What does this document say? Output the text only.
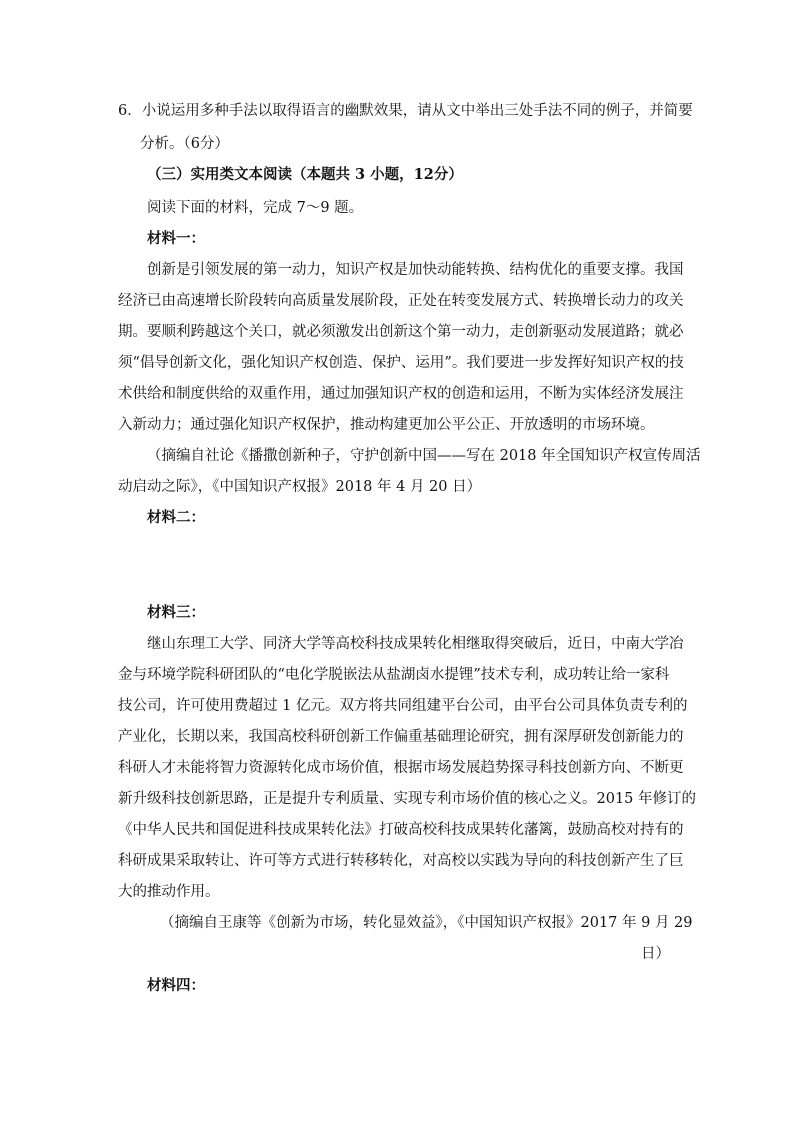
6．小说运用多种手法以取得语言的幽默效果，请从文中举出三处手法不同的例子，并简要
分析。（6分）
（三）实用类文本阅读（本题共 3 小题，12分）
阅读下面的材料，完成 7～9 题。
材料一：
创新是引领发展的第一动力，知识产权是加快动能转换、结构优化的重要支撑。我国
经济已由高速增长阶段转向高质量发展阶段，正处在转变发展方式、转换增长动力的攻关
期。要顺利跨越这个关口，就必须激发出创新这个第一动力，走创新驱动发展道路；就必
须“倡导创新文化，强化知识产权创造、保护、运用”。我们要进一步发挥好知识产权的技
术供给和制度供给的双重作用，通过加强知识产权的创造和运用，不断为实体经济发展注
入新动力；通过强化知识产权保护，推动构建更加公平公正、开放透明的市场环境。
（摘编自社论《播撒创新种子，守护创新中国——写在 2018 年全国知识产权宣传周活
动启动之际》，《中国知识产权报》2018 年 4 月 20 日）
材料二：
材料三：
继山东理工大学、同济大学等高校科技成果转化相继取得突破后，近日，中南大学冶
金与环境学院科研团队的“电化学脱嵌法从盐湖卤水提锂”技术专利，成功转让给一家科
技公司，许可使用费超过 1 亿元。双方将共同组建平台公司，由平台公司具体负责专利的
产业化，长期以来，我国高校科研创新工作偏重基础理论研究，拥有深厚研发创新能力的
科研人才未能将智力资源转化成市场价值，根据市场发展趋势探寻科技创新方向、不断更
新升级科技创新思路，正是提升专利质量、实现专利市场价值的核心之义。2015 年修订的
《中华人民共和国促进科技成果转化法》打破高校科技成果转化藩篱，鼓励高校对持有的
科研成果采取转让、许可等方式进行转移转化，对高校以实践为导向的科技创新产生了巨
大的推动作用。
（摘编自王康等《创新为市场，转化显效益》，《中国知识产权报》2017 年 9 月 29
日）
材料四：
